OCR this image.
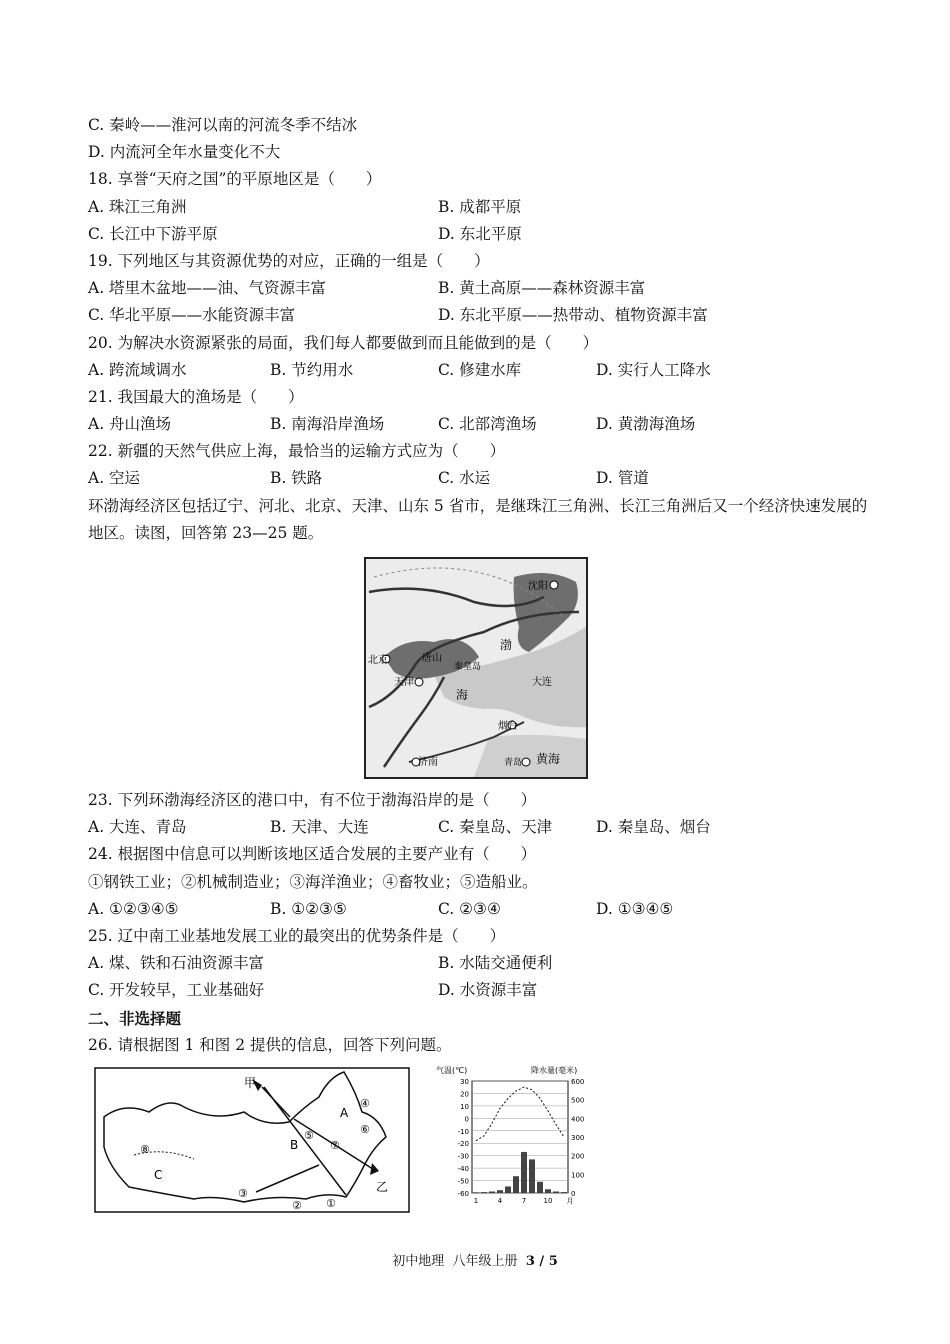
C. 秦岭——淮河以南的河流冬季不结冰
D. 内流河全年水量变化不大
18. 享誉“天府之国”的平原地区是（　　）
A. 珠江三角洲	B. 成都平原
C. 长江中下游平原	D. 东北平原
19. 下列地区与其资源优势的对应，正确的一组是（　　）
A. 塔里木盆地——油、气资源丰富	B. 黄土高原——森林资源丰富
C. 华北平原——水能资源丰富	D. 东北平原——热带动、植物资源丰富
20. 为解决水资源紧张的局面，我们每人都要做到而且能做到的是（　　）
A. 跨流域调水	B. 节约用水	C. 修建水库	D. 实行人工降水
21. 我国最大的渔场是（　　）
A. 舟山渔场	B. 南海沿岸渔场	C. 北部湾渔场	D. 黄渤海渔场
22. 新疆的天然气供应上海，最恰当的运输方式应为（　　）
A. 空运	B. 铁路	C. 水运	D. 管道
环渤海经济区包括辽宁、河北、北京、天津、山东 5 省市，是继珠江三角洲、长江三角洲后又一个经济快速发展的地区。读图，回答第 23—25 题。
沈阳
北京	唐山
天津
秦皇岛
渤
海
大连
烟台
济南	青岛 黄海
23. 下列环渤海经济区的港口中，有不位于渤海沿岸的是（　　）
A. 大连、青岛	B. 天津、大连	C. 秦皇岛、天津	D. 秦皇岛、烟台
24. 根据图中信息可以判断该地区适合发展的主要产业有（　　）
①钢铁工业；②机械制造业；③海洋渔业；④畜牧业；⑤造船业。
A. ①②③④⑤	B. ①②③⑤	C. ②③④	D. ①③④⑤
25. 辽中南工业基地发展工业的最突出的优势条件是（　　）
A. 煤、铁和石油资源丰富	B. 水陆交通便利
C. 开发较早，工业基础好	D. 水资源丰富
二、非选择题
26. 请根据图 1 和图 2 提供的信息，回答下列问题。
甲
乙
A
B
C
①
②
③
④
⑤	⑥
⑦
⑧
气温(℃)	降水量(毫米)
30
20
10
0
-10
-20
-30
-40
-50
-60
600
500
400
300
200
100
0
1	4	7 10 月
初中地理 八年级上册 3 / 5
